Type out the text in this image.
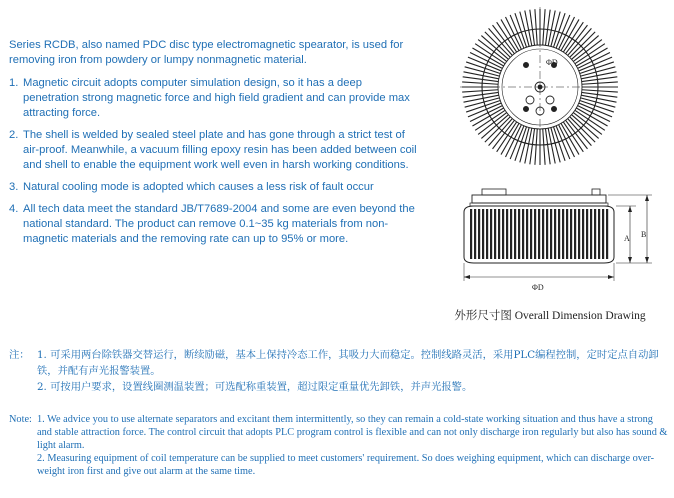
Series RCDB, also named PDC disc type electromagnetic spearator, is used for removing iron from powdery or lumpy nonmagnetic material.

1. Magnetic circuit adopts computer simulation design, so it has a deep penetration strong magnetic force and high field gradient and can provide max attracting force.
2. The shell is welded by sealed steel plate and has gone through a strict test of air-proof. Meanwhile, a vacuum filling epoxy resin has been added between coil and shell to enable the equipment work well even in harsh working conditions.
3. Natural cooling mode is adopted which causes a less risk of fault occur
4. All tech data meet the standard JB/T7689-2004 and some are even beyond the national standard. The product can remove 0.1~35 kg materials from non-magnetic materials and the removing rate can up to 95% or more.
ΦD
ΦD
A B
外形尺寸图 Overall Dimension Drawing
注： 1. 可采用两台除铁器交替运行，断续励磁，基本上保持冷态工作，其吸力大而稳定。控制线路灵活，采用PLC编程控制，定时定点自动卸铁，并配有声光报警装置。
2. 可按用户要求，设置线圈测温装置；可选配称重装置，超过限定重量优先卸铁，并声光报警。
Note: 1. We advice you to use alternate separators and excitant them intermittently, so they can remain a cold-state working situation and thus have a strong and stable attraction force. The control circuit that adopts PLC program control is flexible and can not only discharge iron regularly but also has sound & light alarm.
2. Measuring equipment of coil temperature can be supplied to meet customers' requirement. So does weighing equipment, which can discharge over-weight iron first and give out alarm at the same time.
